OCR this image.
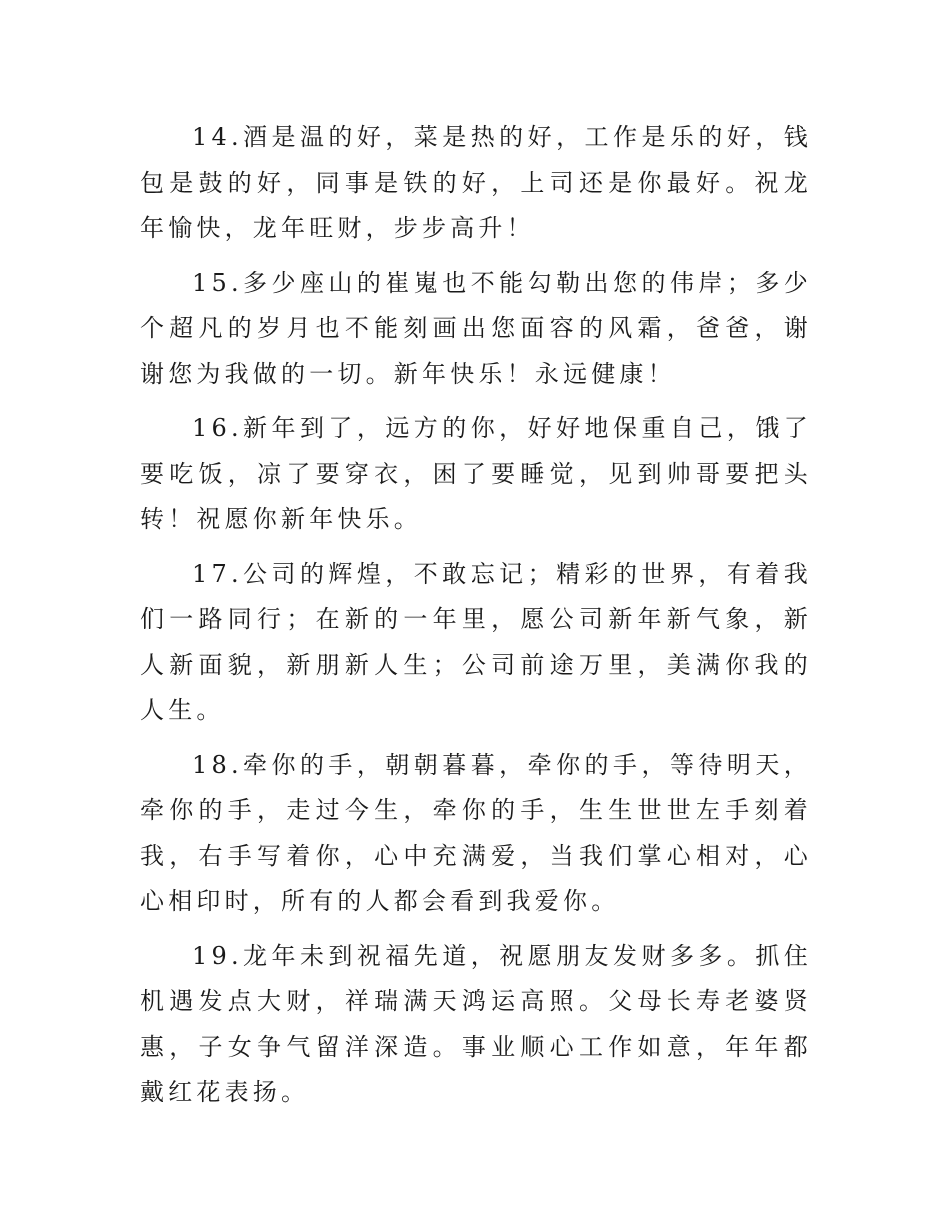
14.酒是温的好，菜是热的好，工作是乐的好，钱包是鼓的好，同事是铁的好，上司还是你最好。祝龙年愉快，龙年旺财，步步高升！

15.多少座山的崔嵬也不能勾勒出您的伟岸；多少个超凡的岁月也不能刻画出您面容的风霜，爸爸，谢谢您为我做的一切。新年快乐！永远健康！

16.新年到了，远方的你，好好地保重自己，饿了要吃饭，凉了要穿衣，困了要睡觉，见到帅哥要把头转！祝愿你新年快乐。

17.公司的辉煌，不敢忘记；精彩的世界，有着我们一路同行；在新的一年里，愿公司新年新气象，新人新面貌，新朋新人生；公司前途万里，美满你我的人生。

18.牵你的手，朝朝暮暮，牵你的手，等待明天，牵你的手，走过今生，牵你的手，生生世世左手刻着我，右手写着你，心中充满爱，当我们掌心相对，心心相印时，所有的人都会看到我爱你。

19.龙年未到祝福先道，祝愿朋友发财多多。抓住机遇发点大财，祥瑞满天鸿运高照。父母长寿老婆贤惠，子女争气留洋深造。事业顺心工作如意，年年都戴红花表扬。
